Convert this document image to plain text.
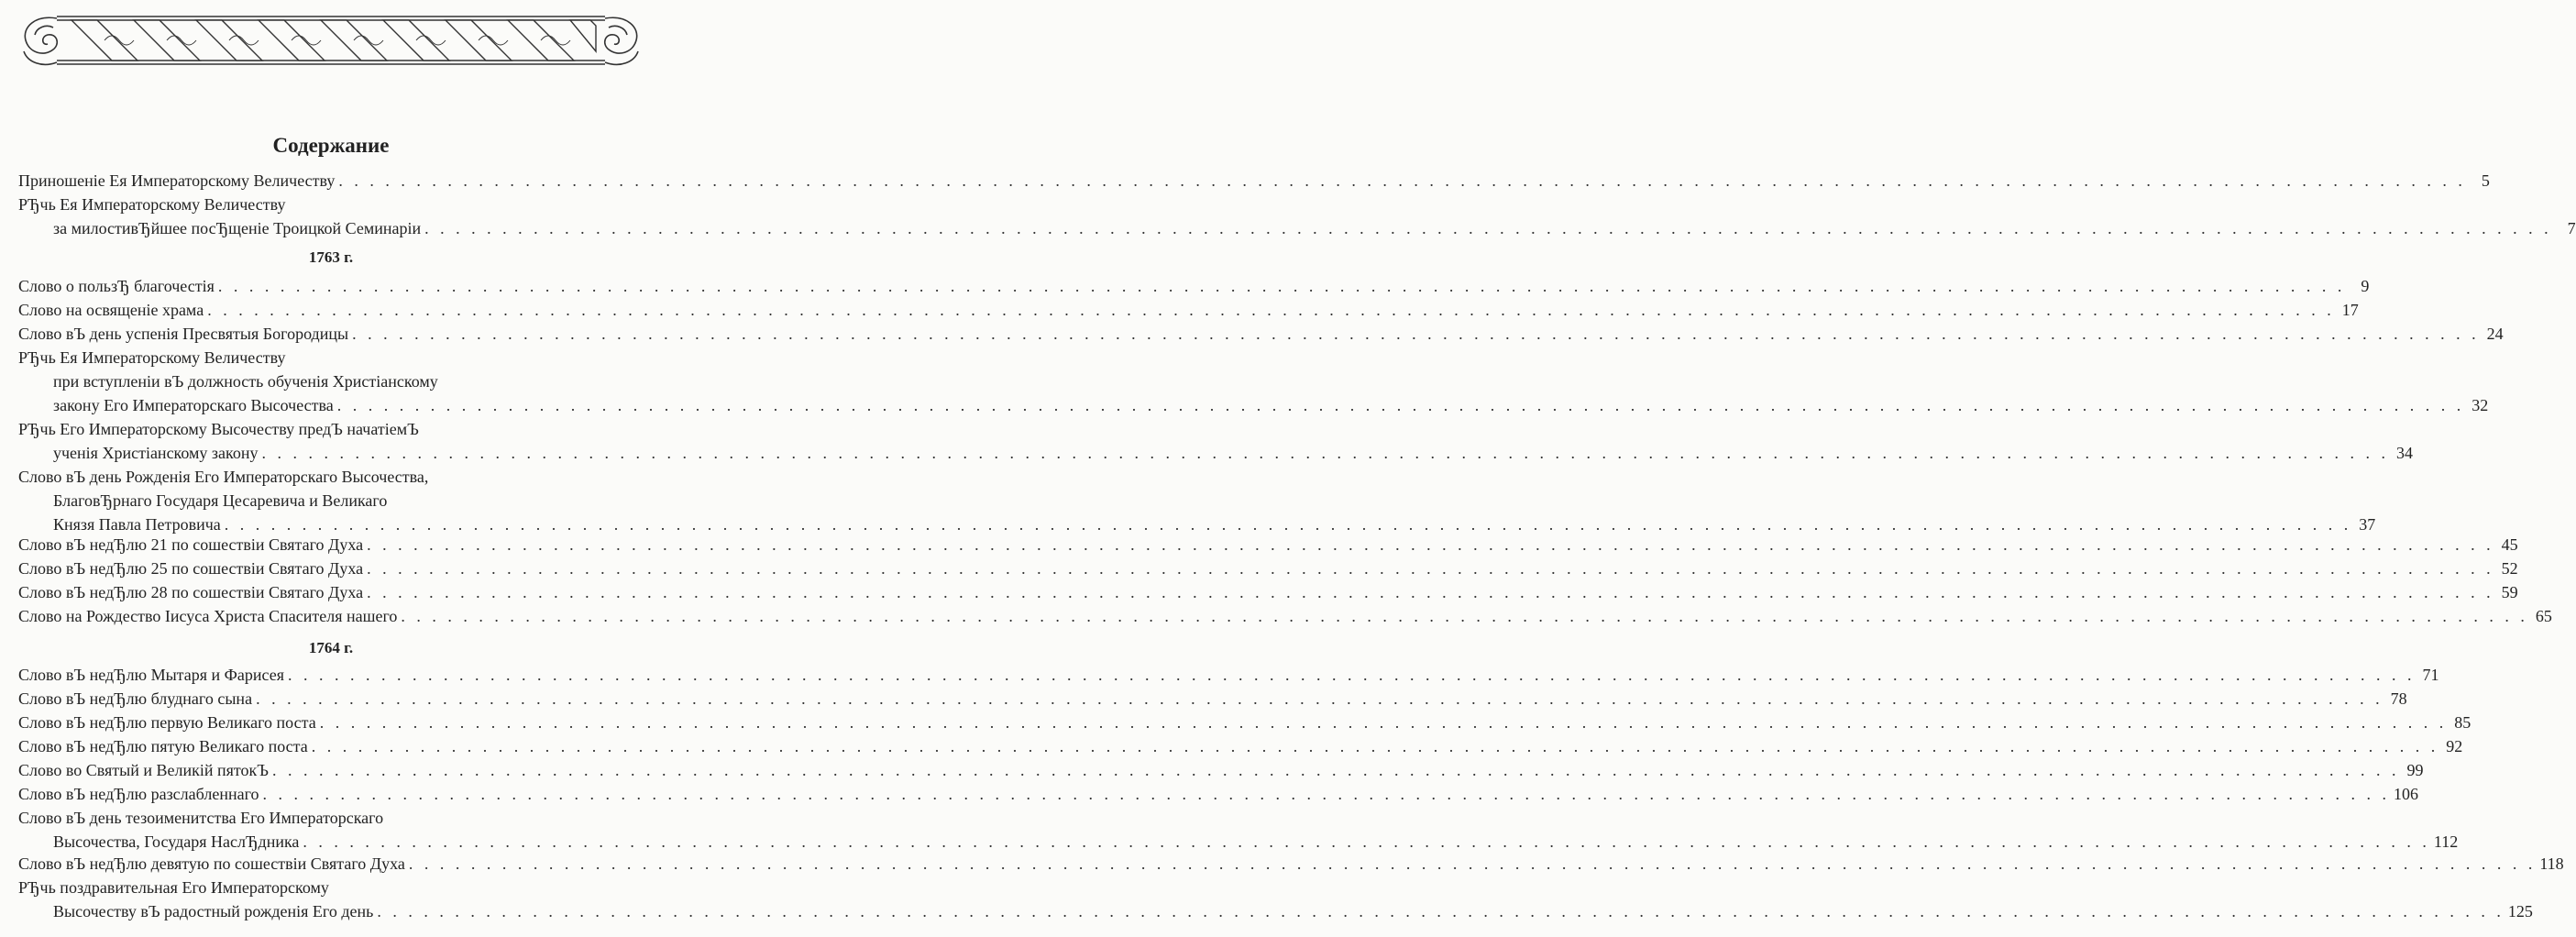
Содержание
Приношеніе Ея Императорскому Величеству . . .	5
РЂчь Ея Императорскому Величеству
за милостивЂйшее посЂщеніе Троицкой Семинаріи . . .	7
1763 г.
Слово о пользЂ благочестія . . .	9
Слово на освященіе храма . . .	17
Слово вЪ день успенія Пресвятыя Богородицы . . .	24
РЂчь Ея Императорскому Величеству
при вступленіи вЪ должность обученія Христіанскому
закону Его Императорскаго Высочества . . .	32
РЂчь Его Императорскому Высочеству предЪ начатіемЪ
ученія Христіанскому закону . . .	34
Слово вЪ день Рожденія Его Императорскаго Высочества,
БлаговЂрнаго Государя Цесаревича и Великаго
Князя Павла Петровича . . .	37
Слово вЪ недЂлю 21 по сошествіи Святаго Духа . . .	45
Слово вЪ недЂлю 25 по сошествіи Святаго Духа . . .	52
Слово вЪ недЂлю 28 по сошествіи Святаго Духа . . .	59
Слово на Рождество Іисуса Христа Спасителя нашего . . .	65
1764 г.
Слово вЪ недЂлю Мытаря и Фарисея . . .	71
Слово вЪ недЂлю блуднаго сына . . .	78
Слово вЪ недЂлю первую Великаго поста . . .	85
Слово вЪ недЂлю пятую Великаго поста . . .	92
Слово во Святый и Великій пятокЪ . . .	99
Слово вЪ недЂлю разслабленнаго . . .	106
Слово вЪ день тезоименитства Его Императорскаго
Высочества, Государя НаслЂдника . . .	112
Слово вЪ недЂлю девятую по сошествіи Святаго Духа . . .	118
РЂчь поздравительная Его Императорскому
Высочеству вЪ радостный рожденія Его день . . .	125
